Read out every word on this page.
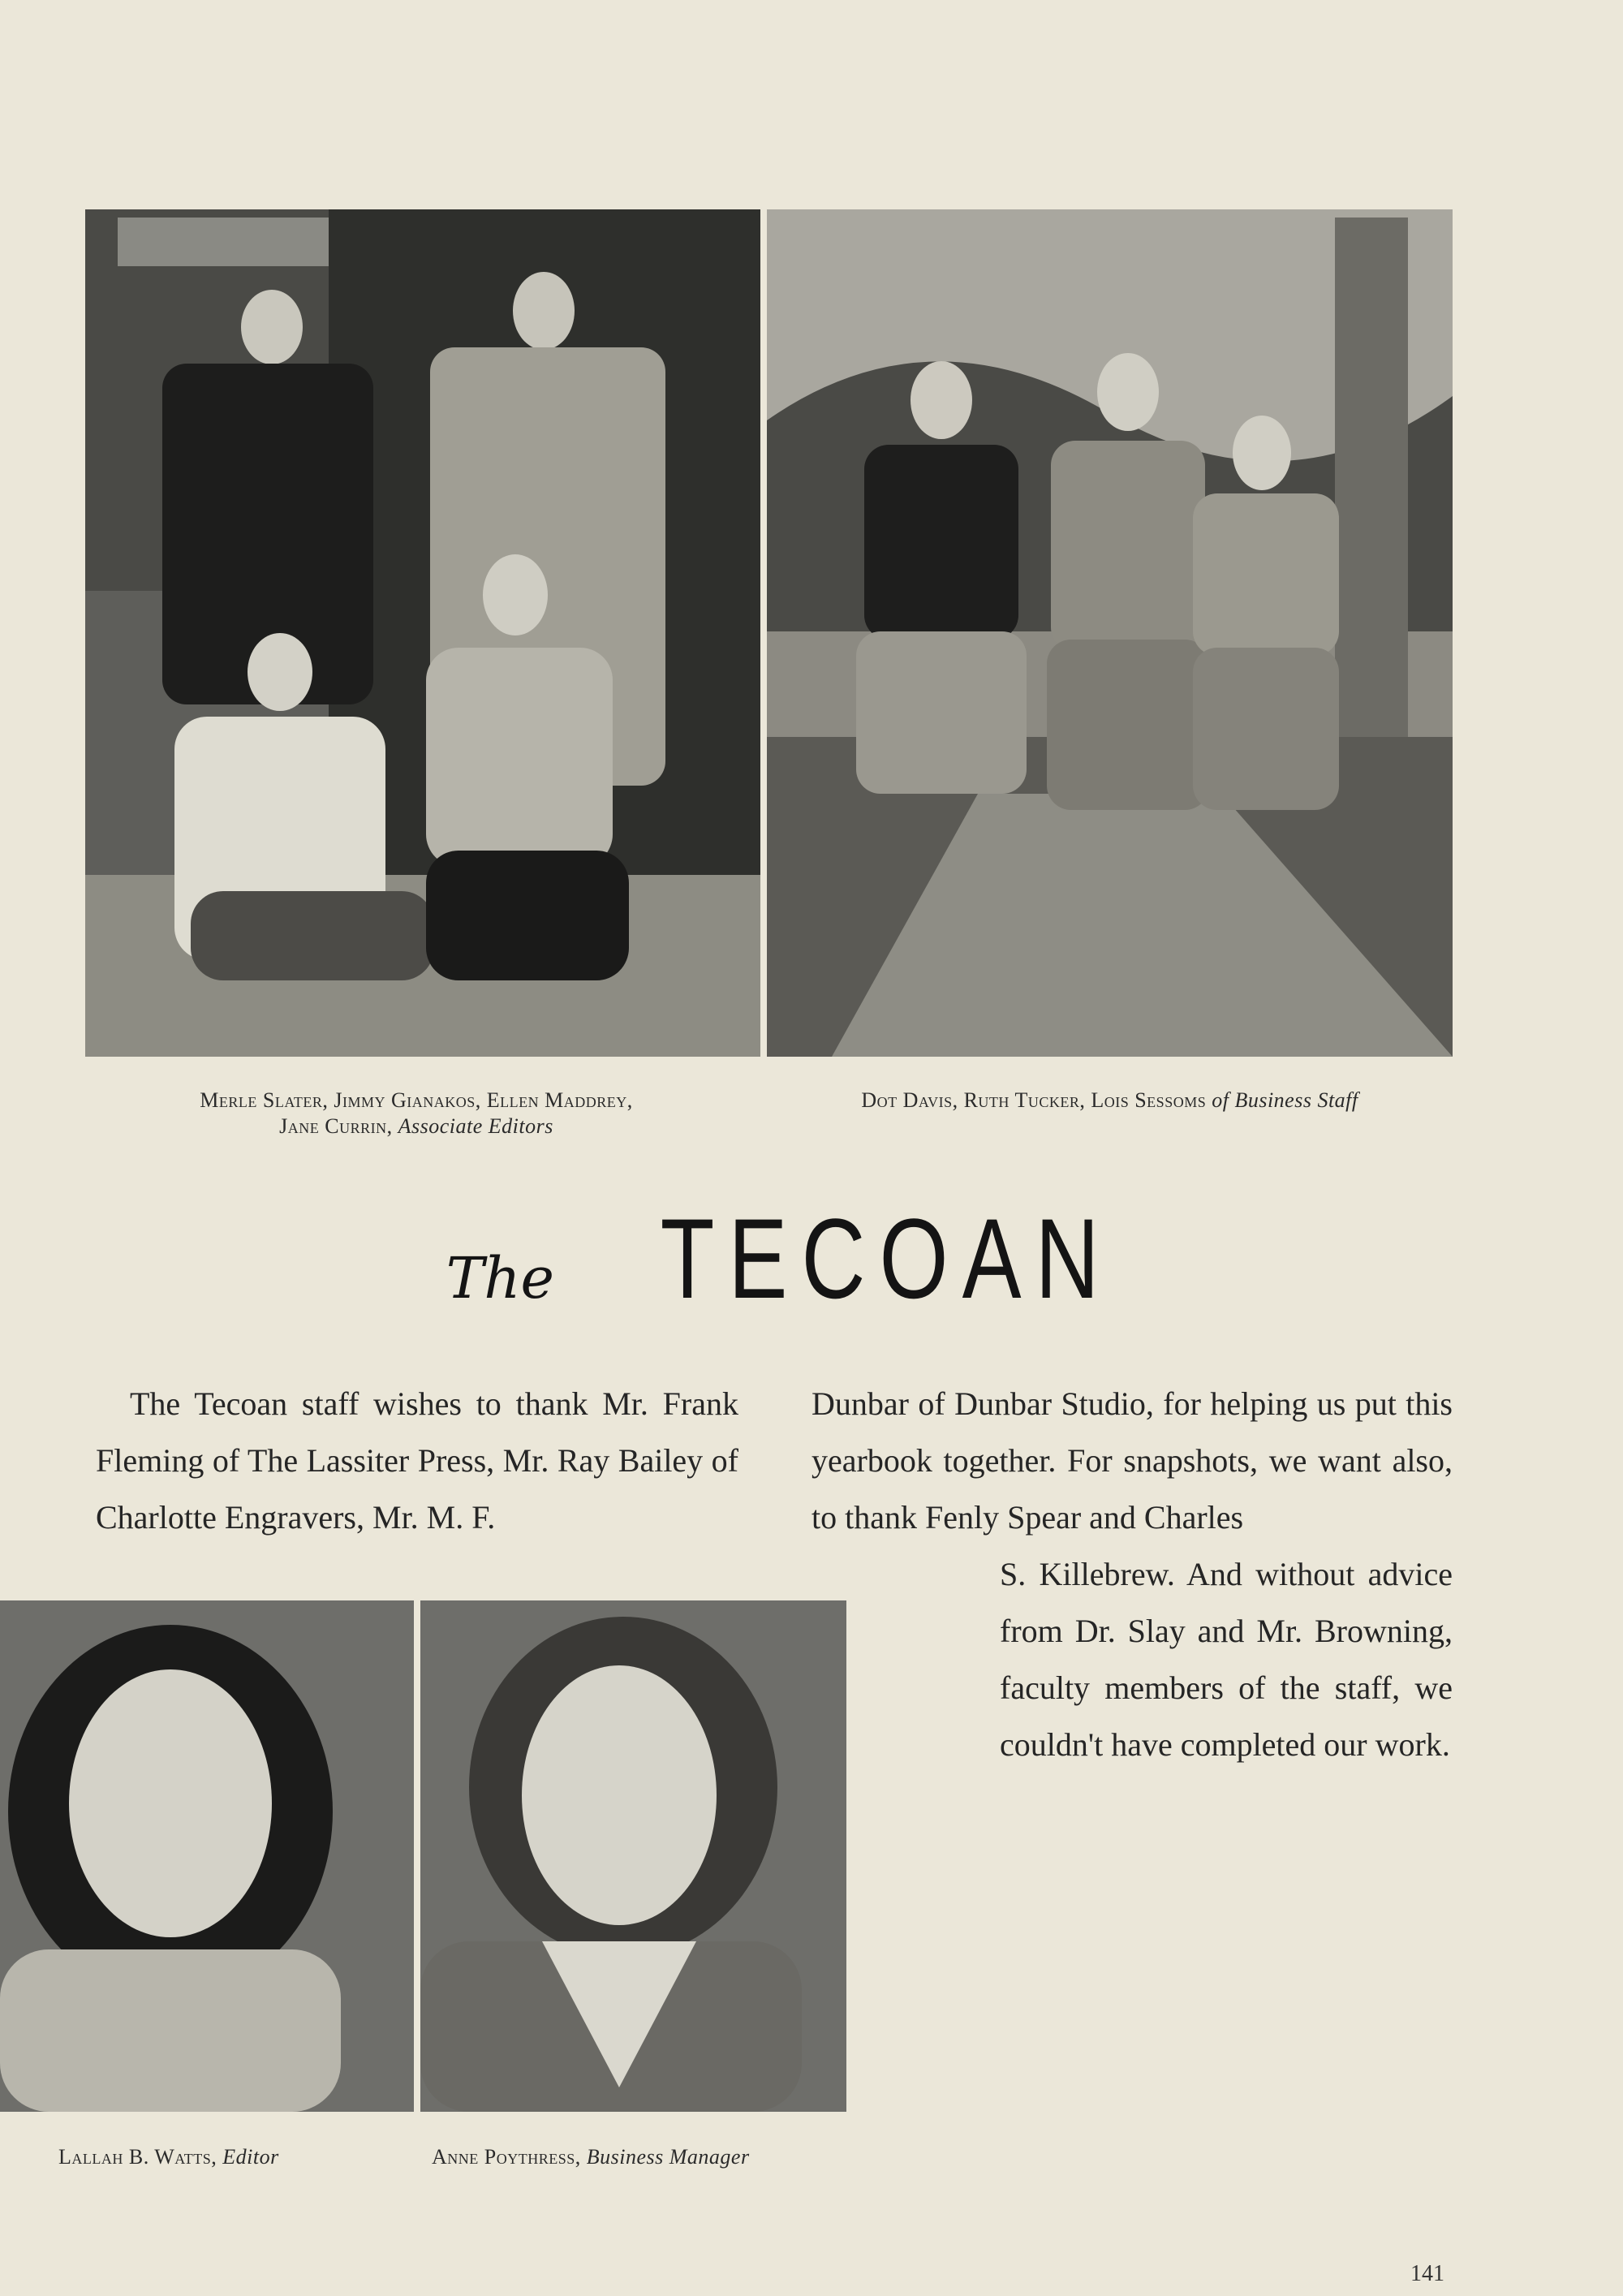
Merle Slater, Jimmy Gianakos, Ellen Maddrey,
Jane Currin, Associate Editors
Dot Davis, Ruth Tucker, Lois Sessoms of Business Staff
The TECOAN
The Tecoan staff wishes to thank Mr. Frank Fleming of The Lassiter Press, Mr. Ray Bailey of Charlotte Engravers, Mr. M. F.
Dunbar of Dunbar Studio, for helping us put this yearbook together. For snapshots, we want also, to thank Fenly Spear and Charles
S. Killebrew. And without advice from Dr. Slay and Mr. Browning, faculty members of the staff, we couldn't have completed our work.
Lallah B. Watts, Editor	Anne Poythress, Business Manager
141
